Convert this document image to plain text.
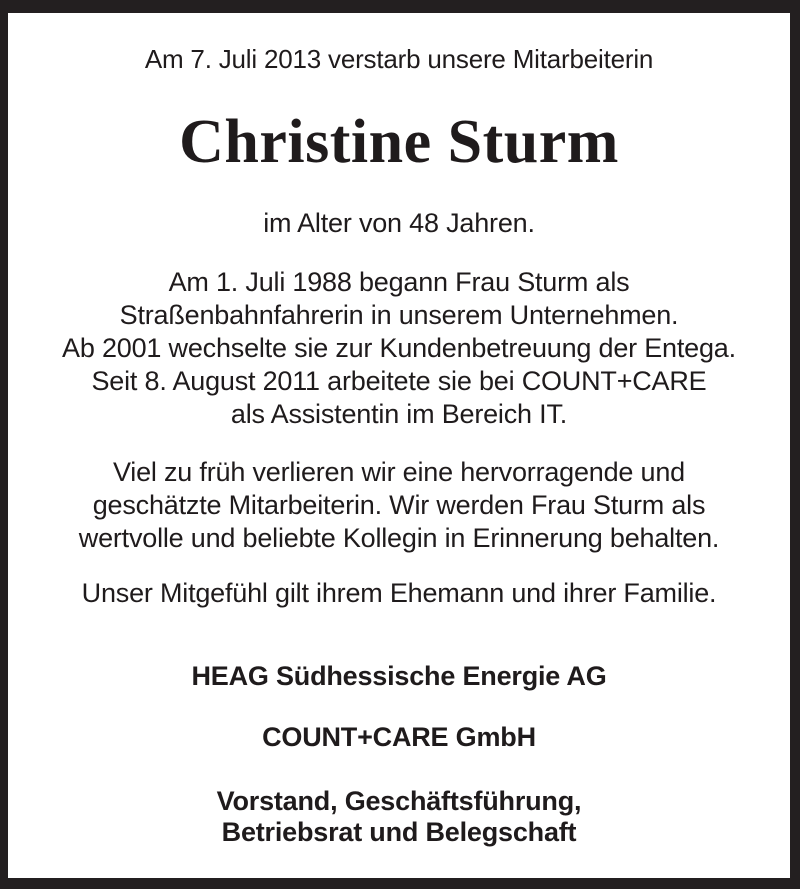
Am 7. Juli 2013 verstarb unsere Mitarbeiterin
Christine Sturm
im Alter von 48 Jahren.
Am 1. Juli 1988 begann Frau Sturm als
Straßenbahnfahrerin in unserem Unternehmen.
Ab 2001 wechselte sie zur Kundenbetreuung der Entega.
Seit 8. August 2011 arbeitete sie bei COUNT+CARE
als Assistentin im Bereich IT.
Viel zu früh verlieren wir eine hervorragende und
geschätzte Mitarbeiterin. Wir werden Frau Sturm als
wertvolle und beliebte Kollegin in Erinnerung behalten.
Unser Mitgefühl gilt ihrem Ehemann und ihrer Familie.
HEAG Südhessische Energie AG
COUNT+CARE GmbH
Vorstand, Geschäftsführung,
Betriebsrat und Belegschaft
